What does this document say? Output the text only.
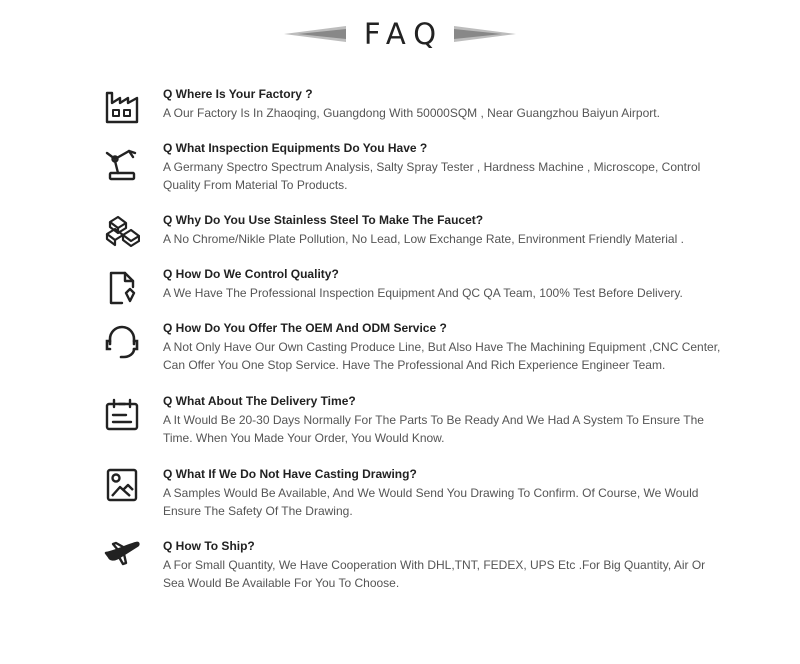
FAQ
Q Where Is Your Factory ?
A Our Factory Is In Zhaoqing, Guangdong With 50000SQM , Near Guangzhou Baiyun Airport.
Q What Inspection Equipments Do You Have ?
A Germany Spectro Spectrum Analysis, Salty Spray Tester , Hardness Machine , Microscope, Control Quality From Material To Products.
Q Why Do You Use Stainless Steel To Make The Faucet?
A No Chrome/Nikle Plate Pollution, No Lead, Low Exchange Rate, Environment Friendly Material .
Q How Do We Control Quality?
A We Have The Professional Inspection Equipment And QC QA Team, 100% Test Before Delivery.
Q How Do You Offer The OEM And ODM Service ?
A Not Only Have Our Own Casting Produce Line, But Also Have The Machining Equipment ,CNC Center, Can Offer You One Stop Service. Have The Professional And Rich Experience Engineer Team.
Q What About The Delivery Time?
A It Would Be 20-30 Days Normally For The Parts To Be Ready And We Had A System To Ensure The Time. When You Made Your Order, You Would Know.
Q What If We Do Not Have Casting Drawing?
A Samples Would Be Available, And We Would Send You Drawing To Confirm. Of Course, We Would Ensure The Safety Of The Drawing.
Q How To Ship?
A For Small Quantity, We Have Cooperation With DHL,TNT, FEDEX, UPS Etc .For Big Quantity, Air Or Sea Would Be Available For You To Choose.
